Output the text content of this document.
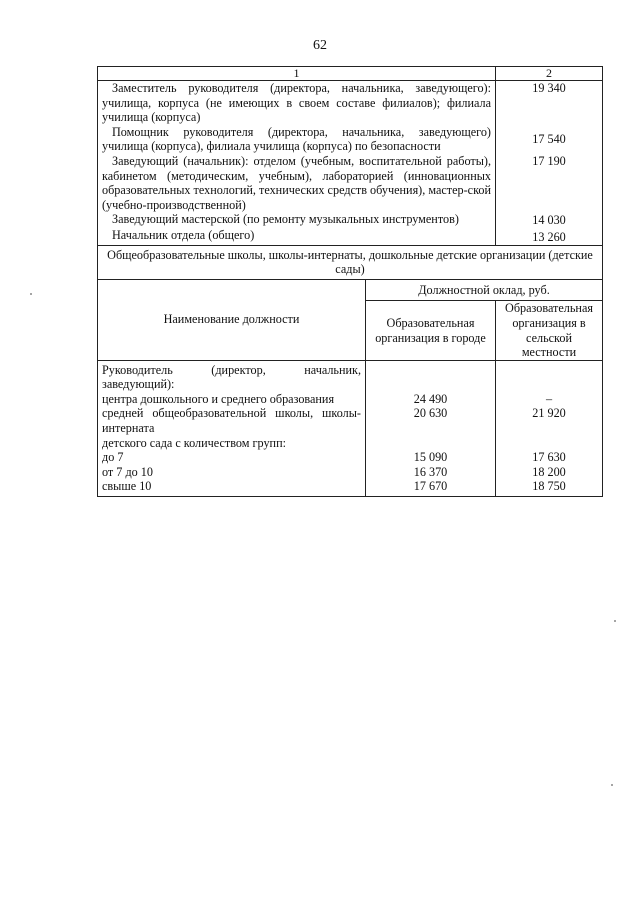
62
1		2

Заместитель руководителя (директора, начальника, заведующего): училища, корпуса (не имеющих в своем составе филиалов); филиала училища (корпуса)		19 340

Помощник руководителя (директора, начальника, заведующего) училища (корпуса), филиала училища (корпуса) по безопасности		17 540

Заведующий (начальник): отделом (учебным, воспитательной работы), кабинетом (методическим, учебным), лабораторией (инновационных образовательных технологий, технических средств обучения), мастер-ской (учебно-производственной)		17 190

Заведующий мастерской (по ремонту музыкальных инструментов)		14 030

Начальник отдела (общего)		13 260
Общеобразовательные школы, школы-интернаты, дошкольные детские организации (детские сады)		
Наименование должности	Должностной оклад, руб.	
	Образовательная организация в городе	Образовательная организация в сельской местности
Руководитель (директор, начальник, заведующий):		
центра дошкольного и среднего образования	24 490	–
средней общеобразовательной школы, школы-интерната	20 630	21 920
детского сада с количеством групп:		
до 7	15 090	17 630
от 7 до 10	16 370	18 200
свыше 10	17 670	18 750
